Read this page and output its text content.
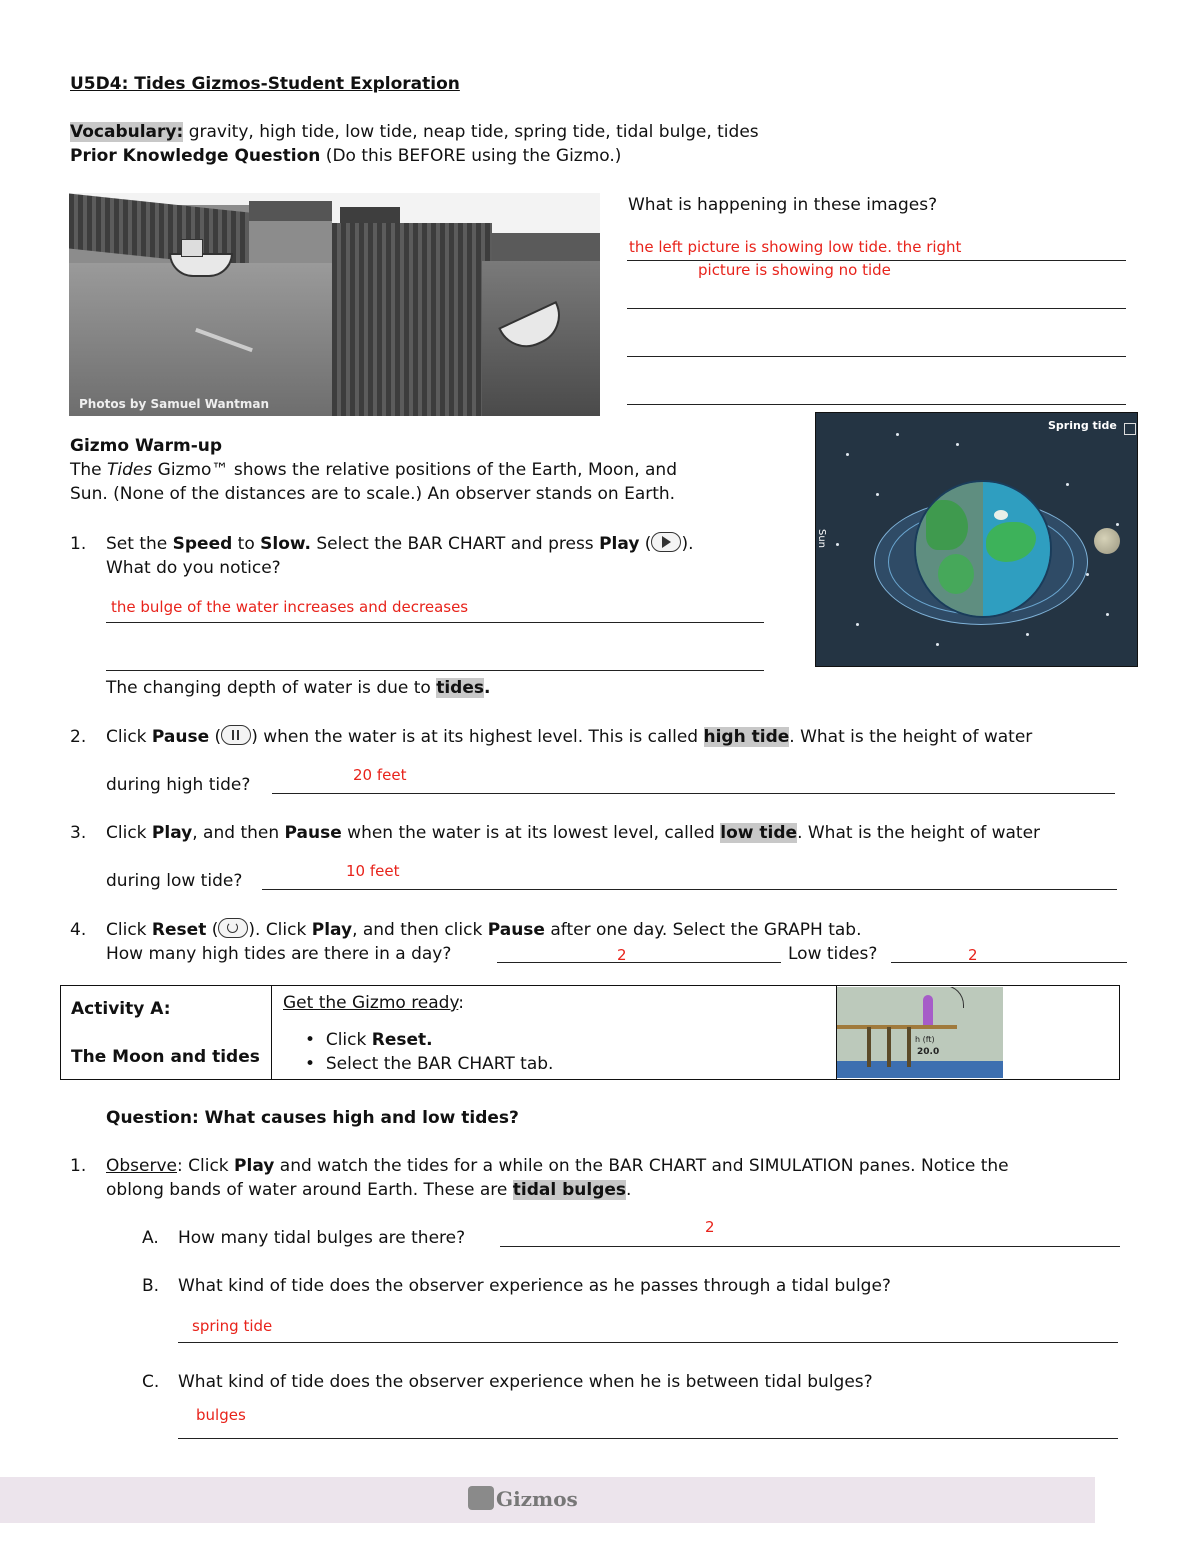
U5D4: Tides Gizmos-Student Exploration
Vocabulary: gravity, high tide, low tide, neap tide, spring tide, tidal bulge, tides
Prior Knowledge Question (Do this BEFORE using the Gizmo.)
Photos by Samuel Wantman
What is happening in these images?
the left picture is showing low tide. the right
picture is showing no tide
Spring tide
Sun
Gizmo Warm-up
The Tides Gizmo™ shows the relative positions of the Earth, Moon, and
Sun. (None of the distances are to scale.) An observer stands on Earth.
1.	Set the Speed to Slow. Select the BAR CHART and press Play ( ).
What do you notice?
the bulge of the water increases and decreases
The changing depth of water is due to tides.
2.	Click Pause ( ) when the water is at its highest level. This is called high tide. What is the height of water
during high tide?	20 feet
3.	Click Play, and then Pause when the water is at its lowest level, called low tide. What is the height of water
during low tide?	10 feet
4.	Click Reset ( ). Click Play, and then click Pause after one day. Select the GRAPH tab.
How many high tides are there in a day?	2	Low tides?	2
Activity A:
The Moon and tides
Get the Gizmo ready:
•  Click Reset.
•  Select the BAR CHART tab.
h (ft)
20.0
Question: What causes high and low tides?
1.	Observe: Click Play and watch the tides for a while on the BAR CHART and SIMULATION panes. Notice the
oblong bands of water around Earth. These are tidal bulges.
A. How many tidal bulges are there?
2
B. What kind of tide does the observer experience as he passes through a tidal bulge?
spring tide
C. What kind of tide does the observer experience when he is between tidal bulges?
bulges
Gizmos
